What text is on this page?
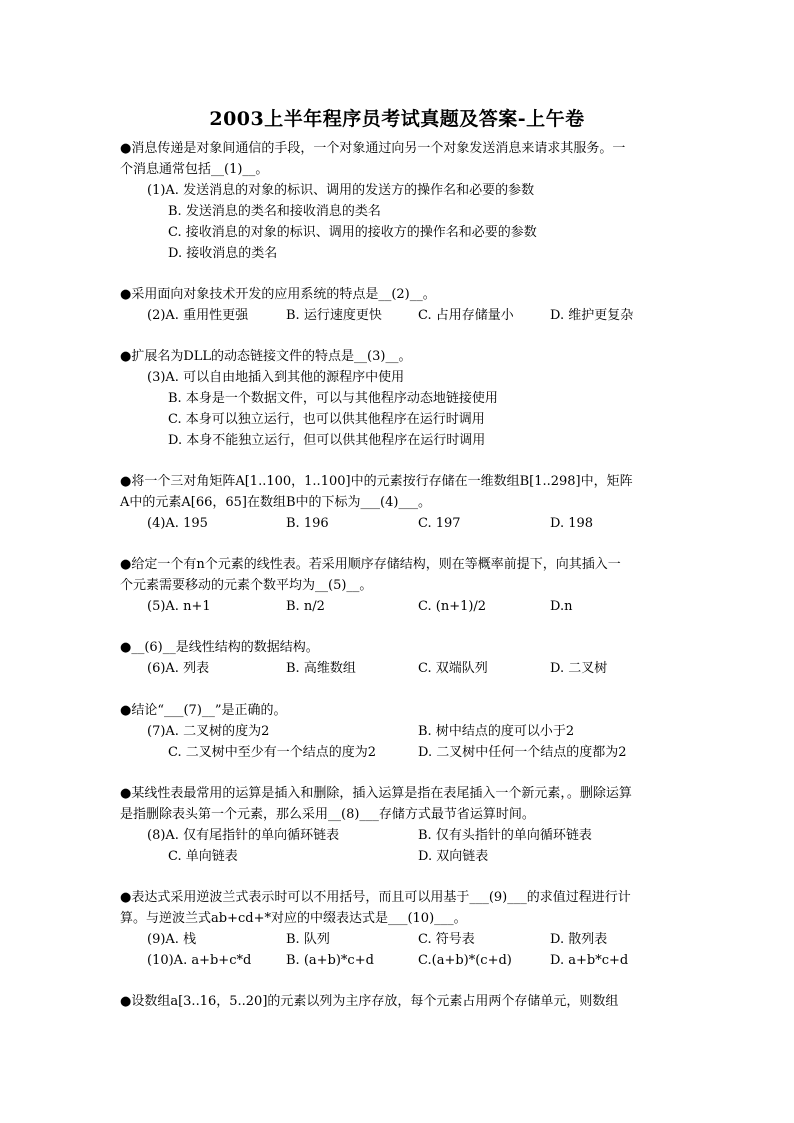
2003上半年程序员考试真题及答案-上午卷
●消息传递是对象间通信的手段，一个对象通过向另一个对象发送消息来请求其服务。一
个消息通常包括__(1)__。
(1)A. 发送消息的对象的标识、调用的发送方的操作名和必要的参数
B. 发送消息的类名和接收消息的类名
C. 接收消息的对象的标识、调用的接收方的操作名和必要的参数
D. 接收消息的类名
●采用面向对象技术开发的应用系统的特点是__(2)__。
(2)A. 重用性更强	B. 运行速度更快	C. 占用存储量小	D. 维护更复杂
●扩展名为DLL的动态链接文件的特点是__(3)__。
(3)A. 可以自由地插入到其他的源程序中使用
B. 本身是一个数据文件，可以与其他程序动态地链接使用
C. 本身可以独立运行，也可以供其他程序在运行时调用
D. 本身不能独立运行，但可以供其他程序在运行时调用
●将一个三对角矩阵A[1..100，1..100]中的元素按行存储在一维数组B[1..298]中，矩阵
A中的元素A[66，65]在数组B中的下标为___(4)___。
(4)A. 195	B. 196	C. 197	D. 198
●给定一个有n个元素的线性表。若采用顺序存储结构，则在等概率前提下，向其插入一
个元素需要移动的元素个数平均为__(5)__。
(5)A. n+1	B. n/2	C. (n+1)/2	D.n
●__(6)__是线性结构的数据结构。
(6)A. 列表	B. 高维数组	C. 双端队列	D. 二叉树
●结论“___(7)__”是正确的。
(7)A. 二叉树的度为2	B. 树中结点的度可以小于2
C. 二叉树中至少有一个结点的度为2	D. 二叉树中任何一个结点的度都为2
●某线性表最常用的运算是插入和删除，插入运算是指在表尾插入一个新元素，。删除运算
是指删除表头第一个元素，那么采用__(8)___存储方式最节省运算时间。
(8)A. 仅有尾指针的单向循环链表	B. 仅有头指针的单向循环链表
C. 单向链表	D. 双向链表
●表达式采用逆波兰式表示时可以不用括号，而且可以用基于___(9)___的求值过程进行计
算。与逆波兰式ab+cd+*对应的中缀表达式是___(10)___。
(9)A. 栈	B. 队列	C. 符号表	D. 散列表
(10)A. a+b+c*d	B. (a+b)*c+d	C.(a+b)*(c+d)	D. a+b*c+d
●设数组a[3..16，5..20]的元素以列为主序存放，每个元素占用两个存储单元，则数组
